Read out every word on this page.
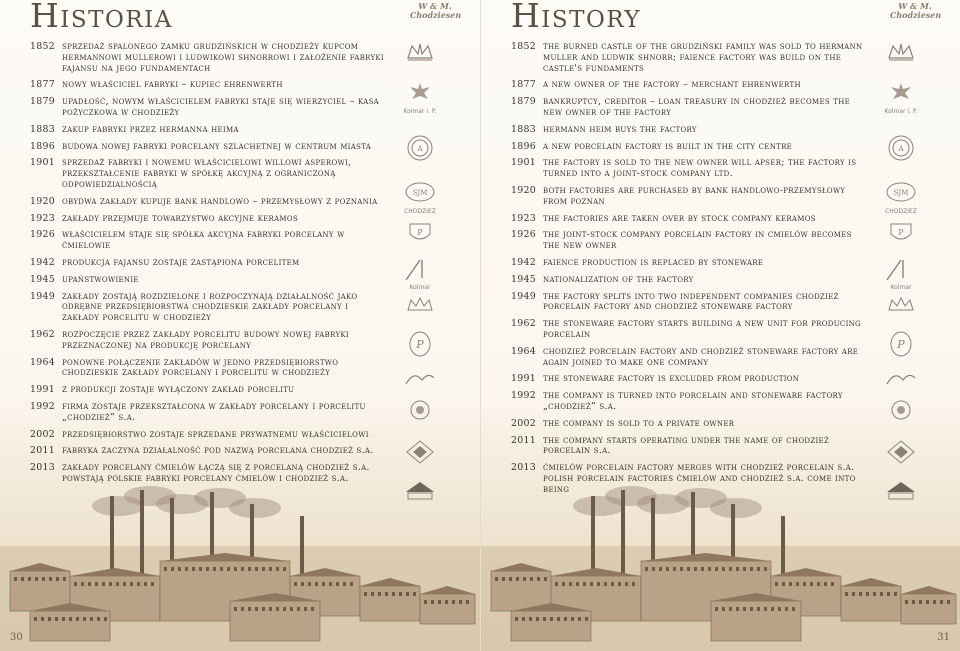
Historia	W & M.
Chodziesen
1852 sprzedaż spalonego zamku grudzińskich w chodzieży kupcom hermannowi mullerowi i ludwikowi shnorrowi i założenie fabryki fajansu na jego fundamentach
1877 nowy właściciel fabryki – kupiec ehrenwerth
1879 upadłość, nowym właścicielem fabryki staje się wierzyciel – kasa pożyczkowa w chodzieży
1883 zakup fabryki przez hermanna heima
1896 budowa nowej fabryki porcelany szlachetnej w centrum miasta
1901 sprzedaż fabryki i nowemu właścicielowi willowi asperowi, przekształcenie fabryki w spółkę akcyjną z ograniczoną odpowiedzialnością
1920 obydwa zakłady kupuje bank handlowo – przemysłowy z poznania
1923 zakłady przejmuje towarzystwo akcyjne keramos
1926 właścicielem staje się spółka akcyjna fabryki porcelany w ćmielowie
1942 produkcja fajansu zostaje zastąpiona porcelitem
1945 upaństwowienie
1949 zakłady zostają rozdzielone i rozpoczynają działalność jako odrębne przedsiębiorstwa chodzieskie zakłady porcelany i zakłady porcelitu w chodzieży
1962 rozpoczęcie przez zakłady porcelitu budowy nowej fabryki przeznaczonej na produkcję porcelany
1964 ponowne połączenie zakładów w jedno przedsiębiorstwo chodzieskie zakłady porcelany i porcelitu w chodzieży
1991 z produkcji zostaje wyłączony zakład porcelitu
1992 firma zostaje przekształcona w zakłady porcelany i porcelitu „chodzież” s.a.
2002 przedsiębiorstwo zostaje sprzedane prywatnemu właścicielowi
2011 fabryka zaczyna działalność pod nazwą porcelana chodzież s.a.
2013 zakłady porcelany ćmielów łączą się z porcelaną chodzież s.a. powstają polskie fabryki porcelany ćmielów i chodzież s.a.
Kolmar i. P.
A
SJM
CHODZIEŻ
P
Kolmar
P
30
History	W & M.
Chodziesen
1852 the burned castle of the grudziński family was sold to hermann muller and ludwik shnorr; faience factory was build on the castle's fundaments
1877 a new owner of the factory – merchant ehrenwerth
1879 bankruptcy, creditor – loan treasury in chodzież becomes the new owner of the factory
1883 hermann heim buys the factory
1896 a new porcelain factory is built in the city centre
1901 the factory is sold to the new owner will apser; the factory is turned into a joint-stock company ltd.
1920 both factories are purchased by bank handlowo-przemysłowy from poznan
1923 the factories are taken over by stock company keramos
1926 the joint-stock company porcelain factory in cmielów becomes the new owner
1942 faience production is replaced by stoneware
1945 nationalization of the factory
1949 the factory splits into two independent companies chodzież porcelain factory and chodzież stoneware factory
1962 the stoneware factory starts building a new unit for producing porcelain
1964 chodzież porcelain factory and chodzież stoneware factory are again joined to make one company
1991 the stoneware factory is excluded from production
1992 the company is turned into porcelain and stoneware factory „chodzież” s.a.
2002 the company is sold to a private owner
2011 the company starts operating under the name of chodzież porcelain s.a.
2013 ćmielów porcelain factory merges with chodzież porcelain s.a. polish porcelain factories ćmielów and chodzież s.a. come into being
Kolmar i. P.
A
SJM
CHODZIEŻ
P
Kolmar
P
31
